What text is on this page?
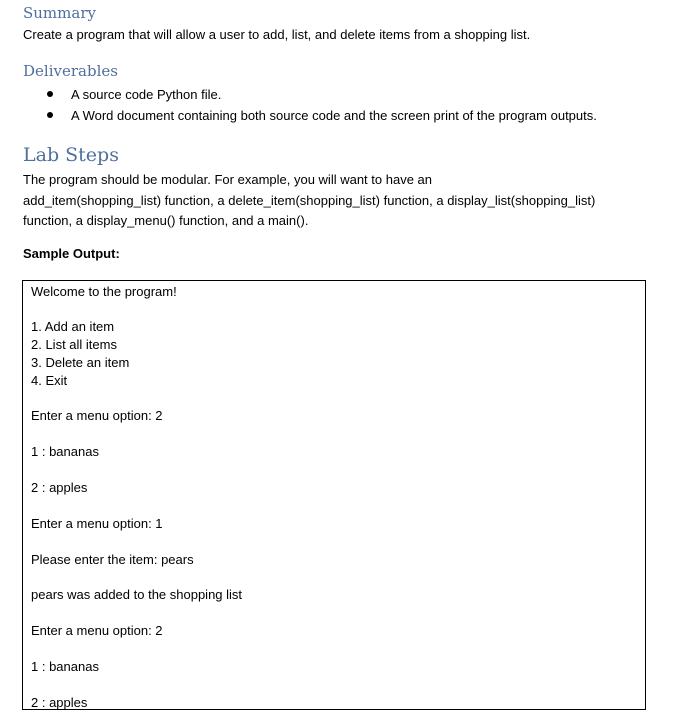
Summary

Create a program that will allow a user to add, list, and delete items from a shopping list.

Deliverables
A source code Python file.
A Word document containing both source code and the screen print of the program outputs.
Lab Steps

The program should be modular. For example, you will want to have an

add_item(shopping_list) function, a delete_item(shopping_list) function, a display_list(shopping_list)

function, a display_menu() function, and a main().

Sample Output:

Welcome to the program!
1. Add an item
2. List all items
3. Delete an item
4. Exit
Enter a menu option: 2
1 : bananas
2 : apples
Enter a menu option: 1
Please enter the item: pears
pears was added to the shopping list
Enter a menu option: 2
1 : bananas
2 : apples
